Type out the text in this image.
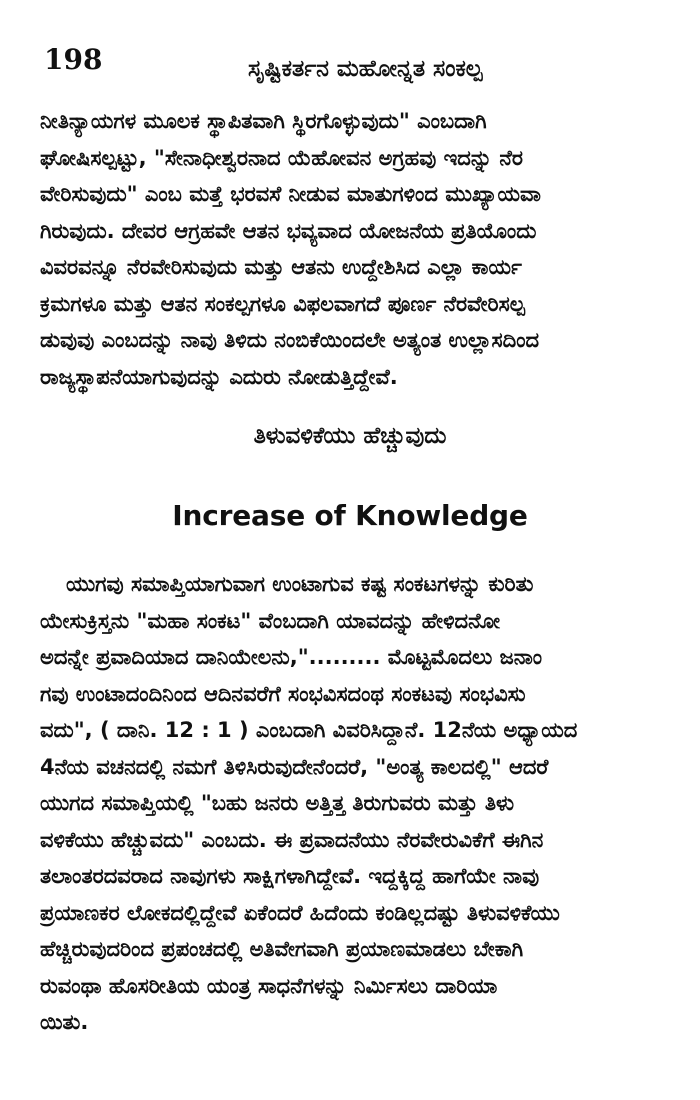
198	ಸೃಷ್ಟಿಕರ್ತನ ಮಹೋನ್ನತ ಸಂಕಲ್ಪ
ನೀತಿನ್ಯಾಯಗಳ ಮೂಲಕ ಸ್ಥಾಪಿತವಾಗಿ ಸ್ಥಿರಗೊಳ್ಳುವುದು" ಎಂಬದಾಗಿ
ಘೋಷಿಸಲ್ಪಟ್ಟು, "ಸೇನಾಧೀಶ್ವರನಾದ ಯೆಹೋವನ ಅಗ್ರಹವು ಇದನ್ನು ನೆರ
ವೇರಿಸುವುದು" ಎಂಬ ಮತ್ತೆ ಭರವಸೆ ನೀಡುವ ಮಾತುಗಳಿಂದ ಮುಖ್ಯಾಯವಾ
ಗಿರುವುದು. ದೇವರ ಆಗ್ರಹವೇ ಆತನ ಭವ್ಯವಾದ ಯೋಜನೆಯ ಪ್ರತಿಯೊಂದು
ವಿವರವನ್ನೂ ನೆರವೇರಿಸುವುದು ಮತ್ತು ಆತನು ಉದ್ದೇಶಿಸಿದ ಎಲ್ಲಾ ಕಾರ್ಯ
ಕ್ರಮಗಳೂ ಮತ್ತು ಆತನ ಸಂಕಲ್ಪಗಳೂ ವಿಫಲವಾಗದೆ ಪೂರ್ಣ ನೆರವೇರಿಸಲ್ಪ
ಡುವುವು ಎಂಬದನ್ನು ನಾವು ತಿಳಿದು ನಂಬಿಕೆಯಿಂದಲೇ ಅತ್ಯಂತ ಉಲ್ಲಾಸದಿಂದ
ರಾಜ್ಯಸ್ಥಾಪನೆಯಾಗುವುದನ್ನು ಎದುರು ನೋಡುತ್ತಿದ್ದೇವೆ.
ತಿಳುವಳಿಕೆಯು ಹೆಚ್ಚುವುದು
Increase of Knowledge
ಯುಗವು ಸಮಾಪ್ತಿಯಾಗುವಾಗ ಉಂಟಾಗುವ ಕಷ್ಟ ಸಂಕಟಗಳನ್ನು ಕುರಿತು
ಯೇಸುಕ್ರಿಸ್ತನು "ಮಹಾ ಸಂಕಟ" ವೆಂಬದಾಗಿ ಯಾವದನ್ನು ಹೇಳಿದನೋ
ಅದನ್ನೇ ಪ್ರವಾದಿಯಾದ ದಾನಿಯೇಲನು,"......... ಮೊಟ್ಟಮೊದಲು ಜನಾಂ
ಗವು ಉಂಟಾದಂದಿನಿಂದ ಆದಿನವರೆಗೆ ಸಂಭವಿಸದಂಥ ಸಂಕಟವು ಸಂಭವಿಸು
ವದು", ( ದಾನಿ. 12 : 1 ) ಎಂಬದಾಗಿ ವಿವರಿಸಿದ್ದಾನೆ. 12ನೆಯ ಅಧ್ಯಾಯದ
4ನೆಯ ವಚನದಲ್ಲಿ ನಮಗೆ ತಿಳಿಸಿರುವುದೇನೆಂದರೆ, "ಅಂತ್ಯ ಕಾಲದಲ್ಲಿ" ಆದರೆ
ಯುಗದ ಸಮಾಪ್ತಿಯಲ್ಲಿ "ಬಹು ಜನರು ಅತ್ತಿತ್ತ ತಿರುಗುವರು ಮತ್ತು ತಿಳು
ವಳಿಕೆಯು ಹೆಚ್ಚುವದು" ಎಂಬದು. ಈ ಪ್ರವಾದನೆಯು ನೆರವೇರುವಿಕೆಗೆ ಈಗಿನ
ತಲಾಂತರದವರಾದ ನಾವುಗಳು ಸಾಕ್ಷಿಗಳಾಗಿದ್ದೇವೆ. ಇದ್ದಕ್ಕಿದ್ದ ಹಾಗೆಯೇ ನಾವು
ಪ್ರಯಾಣಕರ ಲೋಕದಲ್ಲಿದ್ದೇವೆ ಏಕೆಂದರೆ ಹಿದೆಂದು ಕಂಡಿಲ್ಲದಷ್ಟು ತಿಳುವಳಿಕೆಯು
ಹೆಚ್ಚಿರುವುದರಿಂದ ಪ್ರಪಂಚದಲ್ಲಿ ಅತಿವೇಗವಾಗಿ ಪ್ರಯಾಣಮಾಡಲು ಬೇಕಾಗಿ
ರುವಂಥಾ ಹೊಸರೀತಿಯ ಯಂತ್ರ ಸಾಧನೆಗಳನ್ನು ನಿರ್ಮಿಸಲು ದಾರಿಯಾ
ಯಿತು.
